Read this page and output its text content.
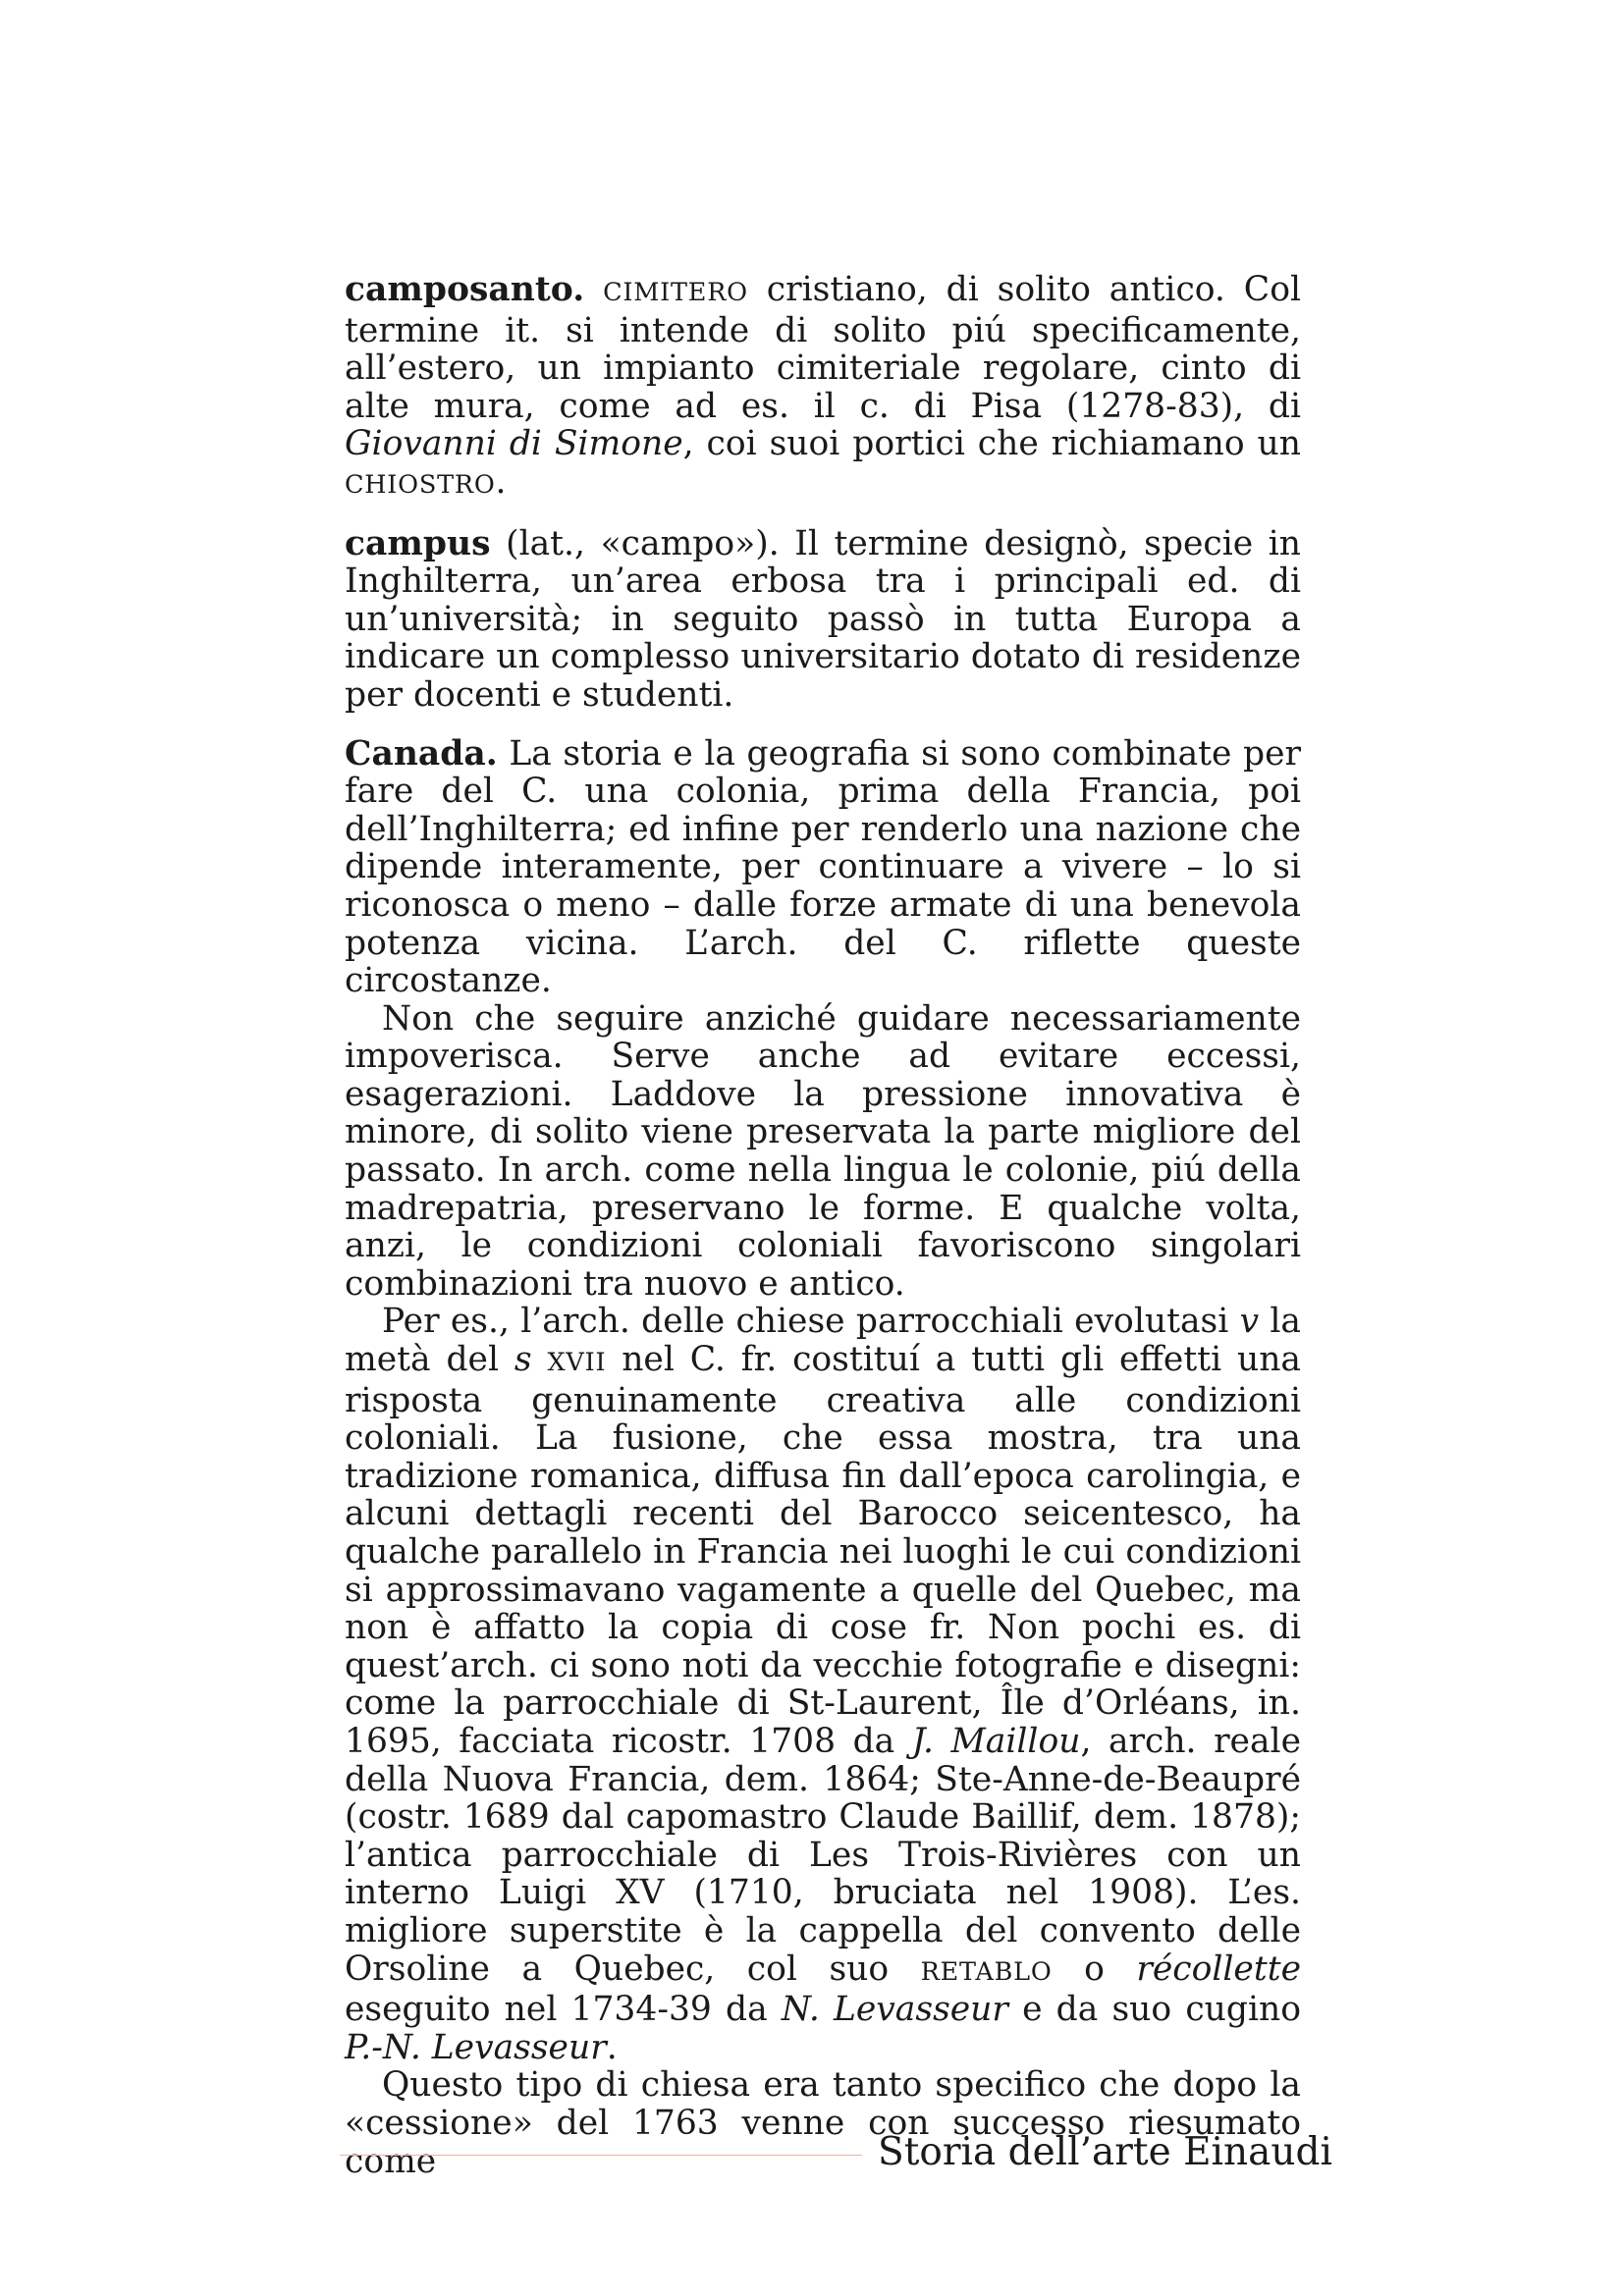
camposanto. CIMITERO cristiano, di solito antico. Col termine it. si intende di solito piú specificamente, all’estero, un impianto cimiteriale regolare, cinto di alte mura, come ad es. il c. di Pisa (1278-83), di Giovanni di Simone, coi suoi portici che richiamano un CHIOSTRO.

campus (lat., «campo»). Il termine designò, specie in Inghilterra, un’area erbosa tra i principali ed. di un’università; in seguito passò in tutta Europa a indicare un complesso universitario dotato di residenze per docenti e studenti.

Canada. La storia e la geografia si sono combinate per fare del C. una colonia, prima della Francia, poi dell’Inghilterra; ed infine per renderlo una nazione che dipende interamente, per continuare a vivere – lo si riconosca o meno – dalle forze armate di una benevola potenza vicina. L’arch. del C. riflette queste circostanze.

Non che seguire anziché guidare necessariamente impoverisca. Serve anche ad evitare eccessi, esagerazioni. Laddove la pressione innovativa è minore, di solito viene preservata la parte migliore del passato. In arch. come nella lingua le colonie, piú della madrepatria, preservano le forme. E qualche volta, anzi, le condizioni coloniali favoriscono singolari combinazioni tra nuovo e antico.

Per es., l’arch. delle chiese parrocchiali evolutasi v la metà del s XVII nel C. fr. costituí a tutti gli effetti una risposta genuinamente creativa alle condizioni coloniali. La fusione, che essa mostra, tra una tradizione romanica, diffusa fin dall’epoca carolingia, e alcuni dettagli recenti del Barocco seicentesco, ha qualche parallelo in Francia nei luoghi le cui condizioni si approssimavano vagamente a quelle del Quebec, ma non è affatto la copia di cose fr. Non pochi es. di quest’arch. ci sono noti da vecchie fotografie e disegni: come la parrocchiale di St-Laurent, Île d’Orléans, in. 1695, facciata ricostr. 1708 da J. Maillou, arch. reale della Nuova Francia, dem. 1864; Ste-Anne-de-Beaupré (costr. 1689 dal capomastro Claude Baillif, dem. 1878); l’antica parrocchiale di Les Trois-Rivières con un interno Luigi XV (1710, bruciata nel 1908). L’es. migliore superstite è la cappella del convento delle Orsoline a Quebec, col suo RETABLO o récollette eseguito nel 1734-39 da N. Levasseur e da suo cugino P.-N. Levasseur.

Questo tipo di chiesa era tanto specifico che dopo la «cessione» del 1763 venne con successo riesumato come	Storia dell’arte Einaudi
